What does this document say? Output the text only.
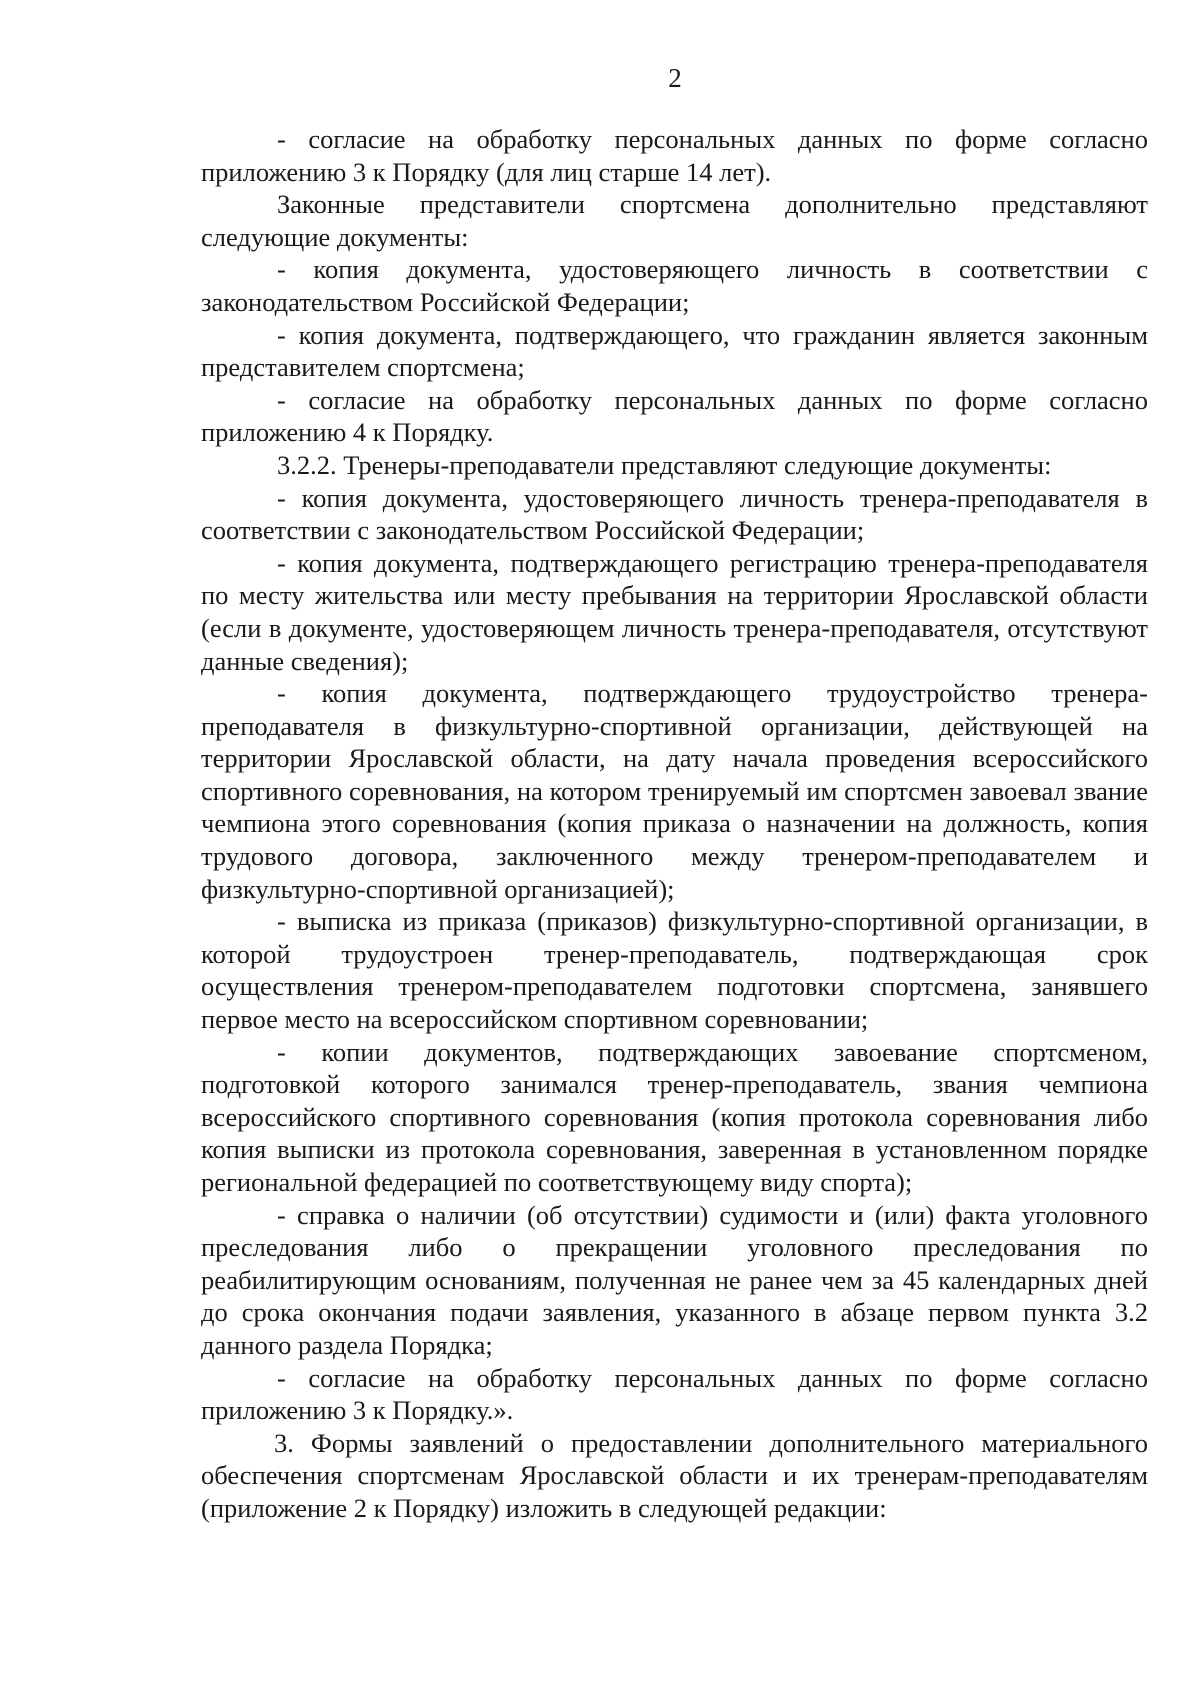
2

- согласие на обработку персональных данных по форме согласно приложению 3 к Порядку (для лиц старше 14 лет).

Законные представители спортсмена дополнительно представляют следующие документы:

- копия документа, удостоверяющего личность в соответствии с законодательством Российской Федерации;

- копия документа, подтверждающего, что гражданин является законным представителем спортсмена;

- согласие на обработку персональных данных по форме согласно приложению 4 к Порядку.

3.2.2. Тренеры-преподаватели представляют следующие документы:

- копия документа, удостоверяющего личность тренера-преподавателя в соответствии с законодательством Российской Федерации;

- копия документа, подтверждающего регистрацию тренера-преподавателя по месту жительства или месту пребывания на территории Ярославской области (если в документе, удостоверяющем личность тренера-преподавателя, отсутствуют данные сведения);

- копия документа, подтверждающего трудоустройство тренера-преподавателя в физкультурно-спортивной организации, действующей на территории Ярославской области, на дату начала проведения всероссийского спортивного соревнования, на котором тренируемый им спортсмен завоевал звание чемпиона этого соревнования (копия приказа о назначении на должность, копия трудового договора, заключенного между тренером-преподавателем и физкультурно-спортивной организацией);

- выписка из приказа (приказов) физкультурно-спортивной организации, в которой трудоустроен тренер-преподаватель, подтверждающая срок осуществления тренером-преподавателем подготовки спортсмена, занявшего первое место на всероссийском спортивном соревновании;

- копии документов, подтверждающих завоевание спортсменом, подготовкой которого занимался тренер-преподаватель, звания чемпиона всероссийского спортивного соревнования (копия протокола соревнования либо копия выписки из протокола соревнования, заверенная в установленном порядке региональной федерацией по соответствующему виду спорта);

- справка о наличии (об отсутствии) судимости и (или) факта уголовного преследования либо о прекращении уголовного преследования по реабилитирующим основаниям, полученная не ранее чем за 45 календарных дней до срока окончания подачи заявления, указанного в абзаце первом пункта 3.2 данного раздела Порядка;

- согласие на обработку персональных данных по форме согласно приложению 3 к Порядку.».

3. Формы заявлений о предоставлении дополнительного материального обеспечения спортсменам Ярославской области и их тренерам-преподавателям (приложение 2 к Порядку) изложить в следующей редакции:
